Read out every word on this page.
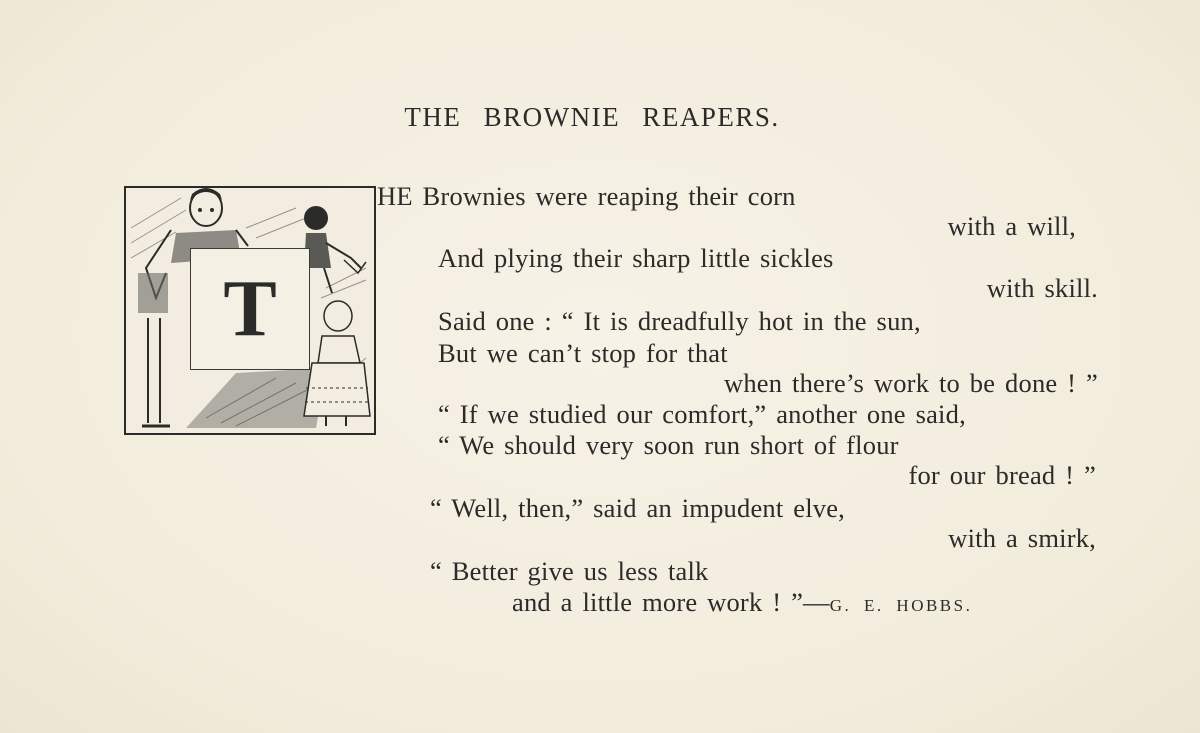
THE BROWNIE REAPERS.
T
HE Brownies were reaping their corn
with a will,
And plying their sharp little sickles
with skill.
Said one : “ It is dreadfully hot in the sun,
But we can’t stop for that
when there’s work to be done ! ”
“ If we studied our comfort,” another one said,
“ We should very soon run short of flour
for our bread ! ”
“ Well, then,” said an impudent elve,
with a smirk,
“ Better give us less talk
and a little more work ! ”—G. E. HOBBS.
